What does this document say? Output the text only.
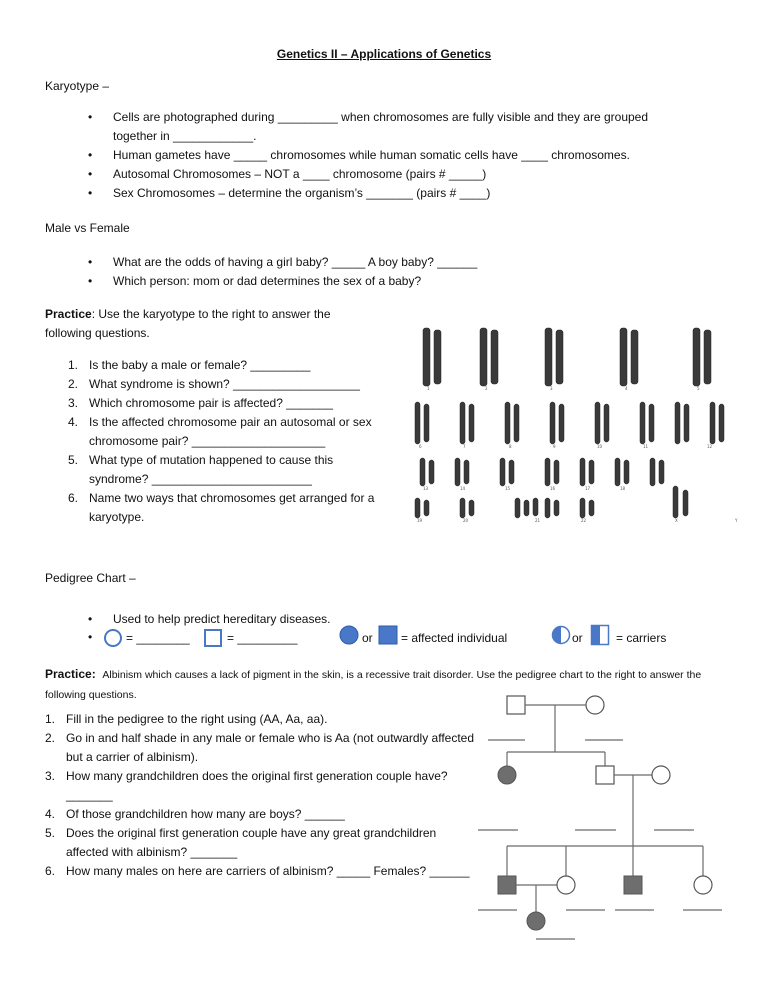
Genetics II – Applications of Genetics
Karyotype –
• Cells are photographed during _________ when chromosomes are fully visible and they are grouped together in ____________.
• Human gametes have _____ chromosomes while human somatic cells have ____ chromosomes.
• Autosomal Chromosomes – NOT a ____ chromosome (pairs # _____)
• Sex Chromosomes – determine the organism’s _______ (pairs # ____)
Male vs Female
• What are the odds of having a girl baby? _____ A boy baby? ______
• Which person: mom or dad determines the sex of a baby?
Practice: Use the karyotype to the right to answer the following questions.
1. Is the baby a male or female? _________
2. What syndrome is shown? ___________________
3. Which chromosome pair is affected? _______
4. Is the affected chromosome pair an autosomal or sex chromosome pair? ____________________
5. What type of mutation happened to cause this syndrome? ________________________
6. Name two ways that chromosomes get arranged for a karyotype.
1	2	3	4	5
6	7	8	9	10	11	12
13	14	15	16	17	18
19	20	21	22	X	Y
Pedigree Chart –
• Used to help predict hereditary diseases.
•	= ________	= _________	or = affected individual	or	= carriers
Practice: Albinism which causes a lack of pigment in the skin, is a recessive trait disorder. Use the pedigree chart to the right to answer the following questions.
1. Fill in the pedigree to the right using (AA, Aa, aa).
2. Go in and half shade in any male or female who is Aa (not outwardly affected but a carrier of albinism).
3. How many grandchildren does the original first generation couple have? _______
4. Of those grandchildren how many are boys? ______
5. Does the original first generation couple have any great grandchildren affected with albinism? _______
6. How many males on here are carriers of albinism? _____ Females? ______
